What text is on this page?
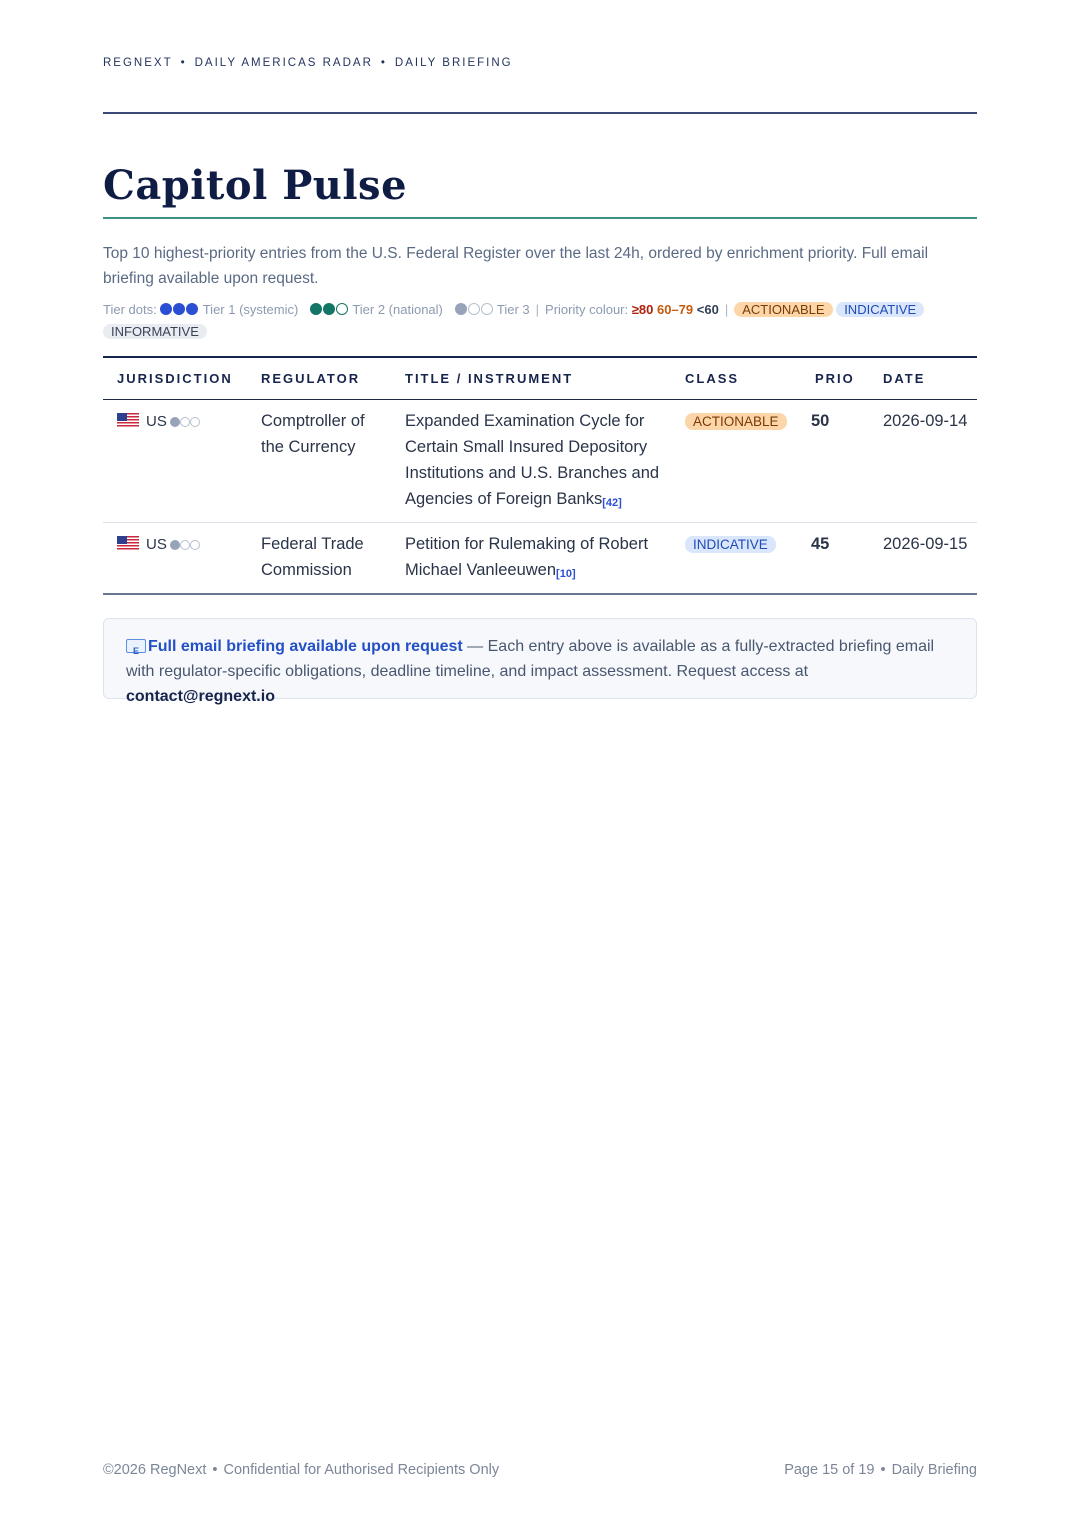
REGNEXT • DAILY AMERICAS RADAR • DAILY BRIEFING
Capitol Pulse

Top 10 highest-priority entries from the U.S. Federal Register over the last 24h, ordered by enrichment priority. Full email briefing available upon request.

Tier dots:	Tier 1 (systemic)	Tier 2 (national)	Tier 3 | Priority colour: ≥80 60–79 <60 | ACTIONABLE INDICATIVE INFORMATIVE
JURISDICTION	REGULATOR	TITLE / INSTRUMENT	CLASS	PRIO	DATE
US	Comptroller of the Currency	Expanded Examination Cycle for Certain Small Insured Depository Institutions and U.S. Branches and Agencies of Foreign Banks[42]	ACTIONABLE	50	2026-09-14
US	Federal Trade Commission	Petition for Rulemaking of Robert Michael Vanleeuwen[10]	INDICATIVE	45	2026-09-15
EFull email briefing available upon request — Each entry above is available as a fully-extracted briefing email with regulator-specific obligations, deadline timeline, and impact assessment. Request access at contact@regnext.io
©2026 RegNext • Confidential for Authorised Recipients Only	Page 15 of 19 • Daily Briefing
